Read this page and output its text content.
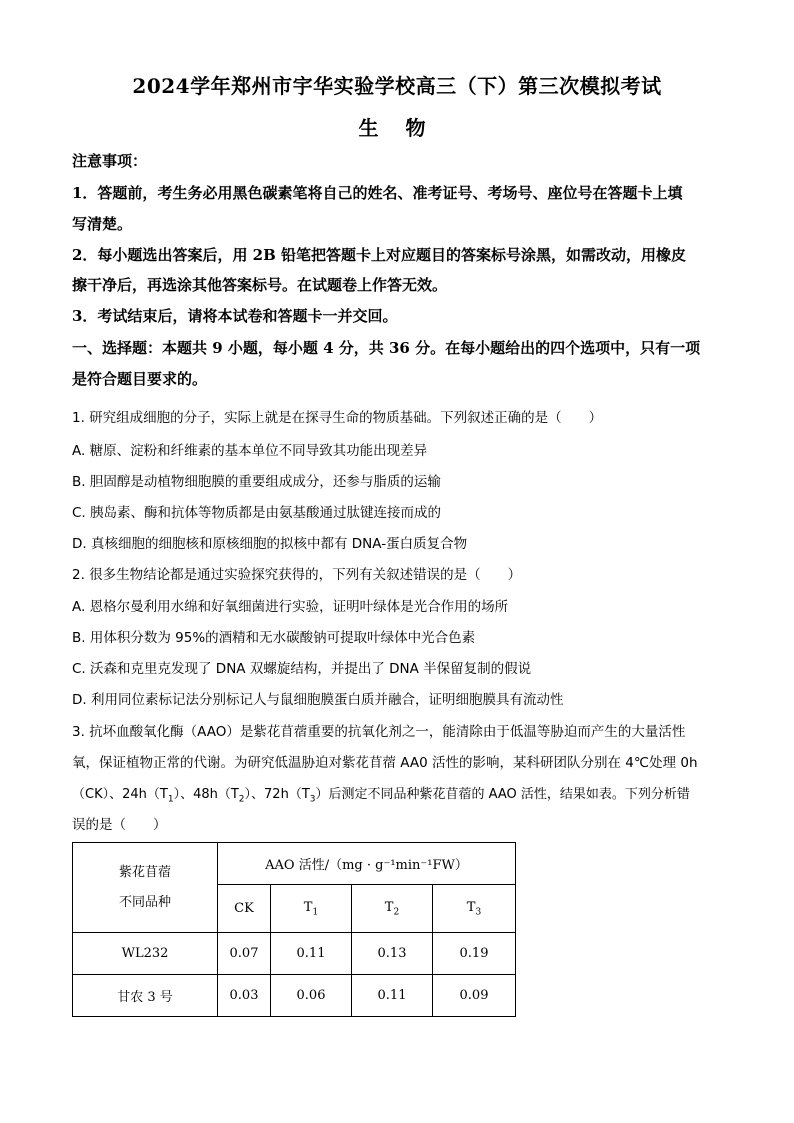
2024学年郑州市宇华实验学校高三（下）第三次模拟考试
生 物
注意事项：
1．答题前，考生务必用黑色碳素笔将自己的姓名、准考证号、考场号、座位号在答题卡上填
写清楚。
2．每小题选出答案后，用 2B 铅笔把答题卡上对应题目的答案标号涂黑，如需改动，用橡皮
擦干净后，再选涂其他答案标号。在试题卷上作答无效。
3．考试结束后，请将本试卷和答题卡一并交回。
一、选择题：本题共 9 小题，每小题 4 分，共 36 分。在每小题给出的四个选项中，只有一项
是符合题目要求的。
1. 研究组成细胞的分子，实际上就是在探寻生命的物质基础。下列叙述正确的是（　　）
A. 糖原、淀粉和纤维素的基本单位不同导致其功能出现差异
B. 胆固醇是动植物细胞膜的重要组成成分，还参与脂质的运输
C. 胰岛素、酶和抗体等物质都是由氨基酸通过肽键连接而成的
D. 真核细胞的细胞核和原核细胞的拟核中都有 DNA-蛋白质复合物
2. 很多生物结论都是通过实验探究获得的，下列有关叙述错误的是（　　）
A. 恩格尔曼利用水绵和好氧细菌进行实验，证明叶绿体是光合作用的场所
B. 用体积分数为 95%的酒精和无水碳酸钠可提取叶绿体中光合色素
C. 沃森和克里克发现了 DNA 双螺旋结构，并提出了 DNA 半保留复制的假说
D. 利用同位素标记法分别标记人与鼠细胞膜蛋白质并融合，证明细胞膜具有流动性
3. 抗坏血酸氧化酶（AAO）是紫花苜蓿重要的抗氧化剂之一，能清除由于低温等胁迫而产生的大量活性
氧，保证植物正常的代谢。为研究低温胁迫对紫花苜蓿 AA0 活性的影响，某科研团队分别在 4℃处理 0h
（CK）、$24h(T_1)$、$48h(T_2)$、$72h(T_3)$后测定不同品种紫花苜蓿的 AAO 活性，结果如表。下列分析错
误的是（　　）
紫花苜蓿
不同品种	AAO 活性/（mg · g⁻¹min⁻¹FW）			
	CK	$T_1$	$T_2$	$T_3$
WL232	0.07	0.11	0.13	0.19
甘农 3 号	0.03	0.06	0.11	0.09
